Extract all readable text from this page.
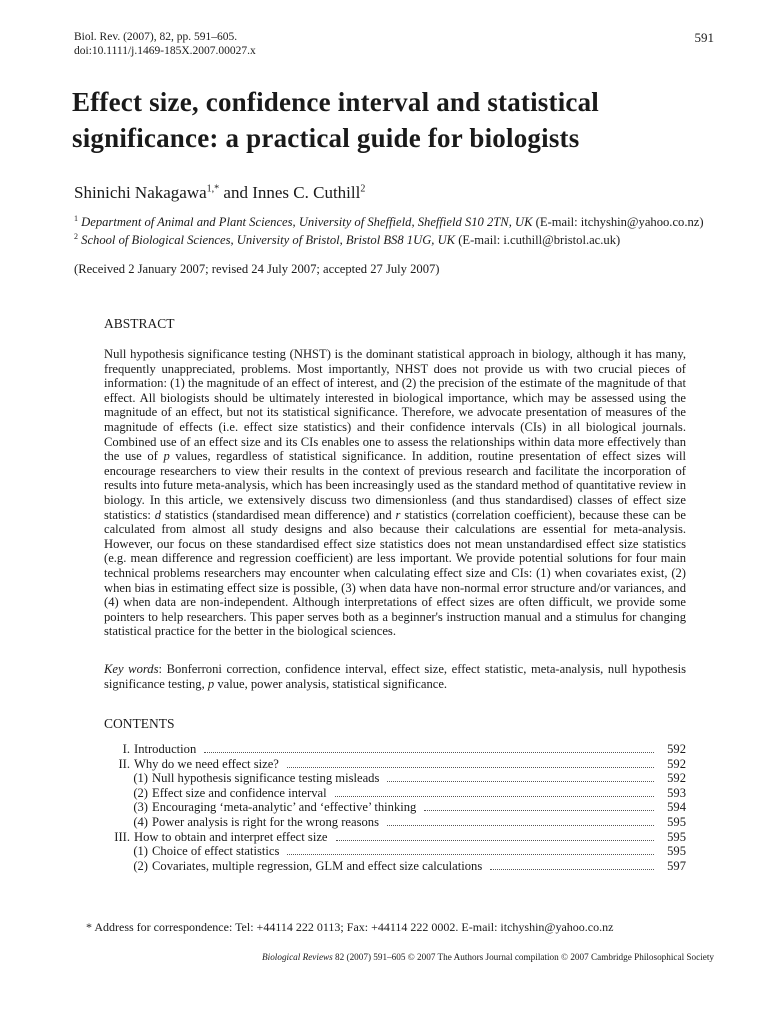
Biol. Rev. (2007), 82, pp. 591–605.
doi:10.1111/j.1469-185X.2007.00027.x
591
Effect size, confidence interval and statistical significance: a practical guide for biologists
Shinichi Nakagawa$^{1,*}$ and Innes C. Cuthill$^2$
$^1$ Department of Animal and Plant Sciences, University of Sheffield, Sheffield S10 2TN, UK (E-mail: itchyshin@yahoo.co.nz)
$^2$ School of Biological Sciences, University of Bristol, Bristol BS8 1UG, UK (E-mail: i.cuthill@bristol.ac.uk)
(Received 2 January 2007; revised 24 July 2007; accepted 27 July 2007)
ABSTRACT

Null hypothesis significance testing (NHST) is the dominant statistical approach in biology, although it has many, frequently unappreciated, problems. Most importantly, NHST does not provide us with two crucial pieces of information: (1) the magnitude of an effect of interest, and (2) the precision of the estimate of the magnitude of that effect. All biologists should be ultimately interested in biological importance, which may be assessed using the magnitude of an effect, but not its statistical significance. Therefore, we advocate presentation of measures of the magnitude of effects (i.e. effect size statistics) and their confidence intervals (CIs) in all biological journals. Combined use of an effect size and its CIs enables one to assess the relationships within data more effectively than the use of p values, regardless of statistical significance. In addition, routine presentation of effect sizes will encourage researchers to view their results in the context of previous research and facilitate the incorporation of results into future meta-analysis, which has been increasingly used as the standard method of quantitative review in biology. In this article, we extensively discuss two dimensionless (and thus standardised) classes of effect size statistics: d statistics (standardised mean difference) and r statistics (correlation coefficient), because these can be calculated from almost all study designs and also because their calculations are essential for meta-analysis. However, our focus on these standardised effect size statistics does not mean unstandardised effect size statistics (e.g. mean difference and regression coefficient) are less important. We provide potential solutions for four main technical problems researchers may encounter when calculating effect size and CIs: (1) when covariates exist, (2) when bias in estimating effect size is possible, (3) when data have non-normal error structure and/or variances, and (4) when data are non-independent. Although interpretations of effect sizes are often difficult, we provide some pointers to help researchers. This paper serves both as a beginner's instruction manual and a stimulus for changing statistical practice for the better in the biological sciences.

Key words: Bonferroni correction, confidence interval, effect size, effect statistic, meta-analysis, null hypothesis significance testing, p value, power analysis, statistical significance.

CONTENTS
I. Introduction	592
II. Why do we need effect size?	592
(1) Null hypothesis significance testing misleads	592
(2) Effect size and confidence interval	593
(3) Encouraging ‘meta-analytic’ and ‘effective’ thinking	594
(4) Power analysis is right for the wrong reasons	595
III. How to obtain and interpret effect size	595
(1) Choice of effect statistics	595
(2) Covariates, multiple regression, GLM and effect size calculations	597
* Address for correspondence: Tel: +44114 222 0113; Fax: +44114 222 0002. E-mail: itchyshin@yahoo.co.nz
Biological Reviews 82 (2007) 591–605 © 2007 The Authors Journal compilation © 2007 Cambridge Philosophical Society
